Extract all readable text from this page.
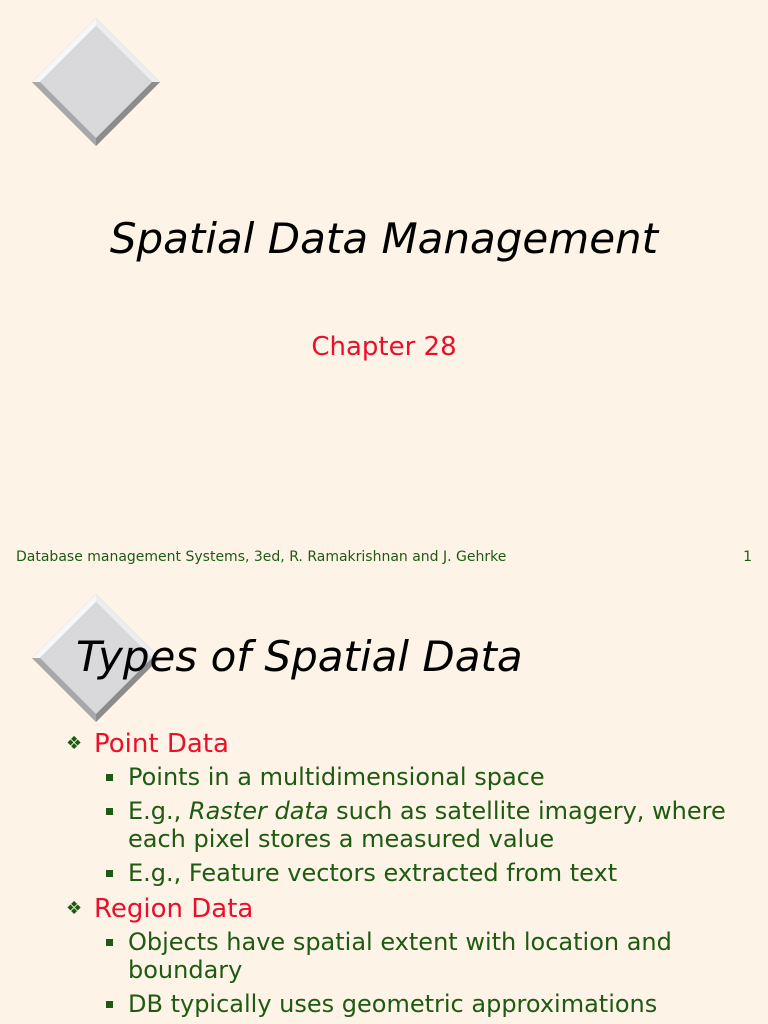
Spatial Data Management
Chapter 28
Database management Systems, 3ed, R. Ramakrishnan and J. Gehrke	1
Types of Spatial Data
❖ Point Data
Points in a multidimensional space
E.g., Raster data such as satellite imagery, where each pixel stores a measured value
E.g., Feature vectors extracted from text
❖ Region Data
Objects have spatial extent with location and boundary
DB typically uses geometric approximations
